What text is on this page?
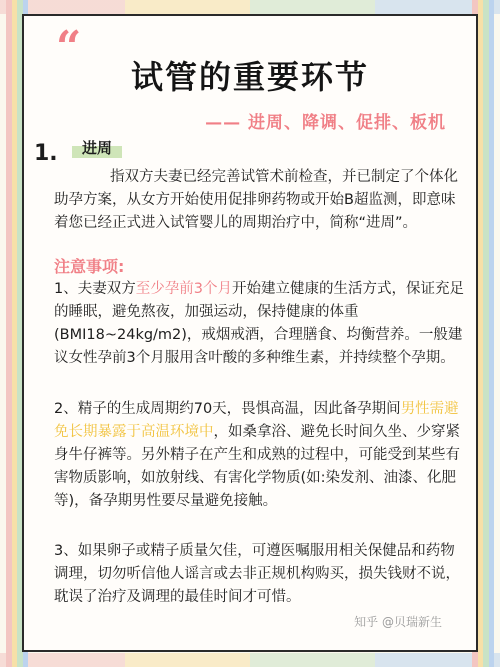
“
试管的重要环节
—— 进周、降调、促排、板机
1.	进周
指双方夫妻已经完善试管术前检查，并已制定了个体化助孕方案，从女方开始使用促排卵药物或开始B超监测，即意味着您已经正式进入试管婴儿的周期治疗中，简称“进周”。
注意事项:
1、夫妻双方至少孕前3个月开始建立健康的生活方式，保证充足的睡眠，避免熬夜，加强运动，保持健康的体重(BMI18~24kg/m2)，戒烟戒酒，合理膳食、均衡营养。一般建议女性孕前3个月服用含叶酸的多种维生素，并持续整个孕期。
2、精子的生成周期约70天，畏惧高温，因此备孕期间男性需避免长期暴露于高温环境中，如桑拿浴、避免长时间久坐、少穿紧身牛仔裤等。另外精子在产生和成熟的过程中，可能受到某些有害物质影响，如放射线、有害化学物质(如:染发剂、油漆、化肥等)，备孕期男性要尽量避免接触。
3、如果卵子或精子质量欠佳，可遵医嘱服用相关保健品和药物调理，切勿听信他人谣言或去非正规机构购买，损失钱财不说，耽误了治疗及调理的最佳时间才可惜。
知乎 @贝瑞新生
